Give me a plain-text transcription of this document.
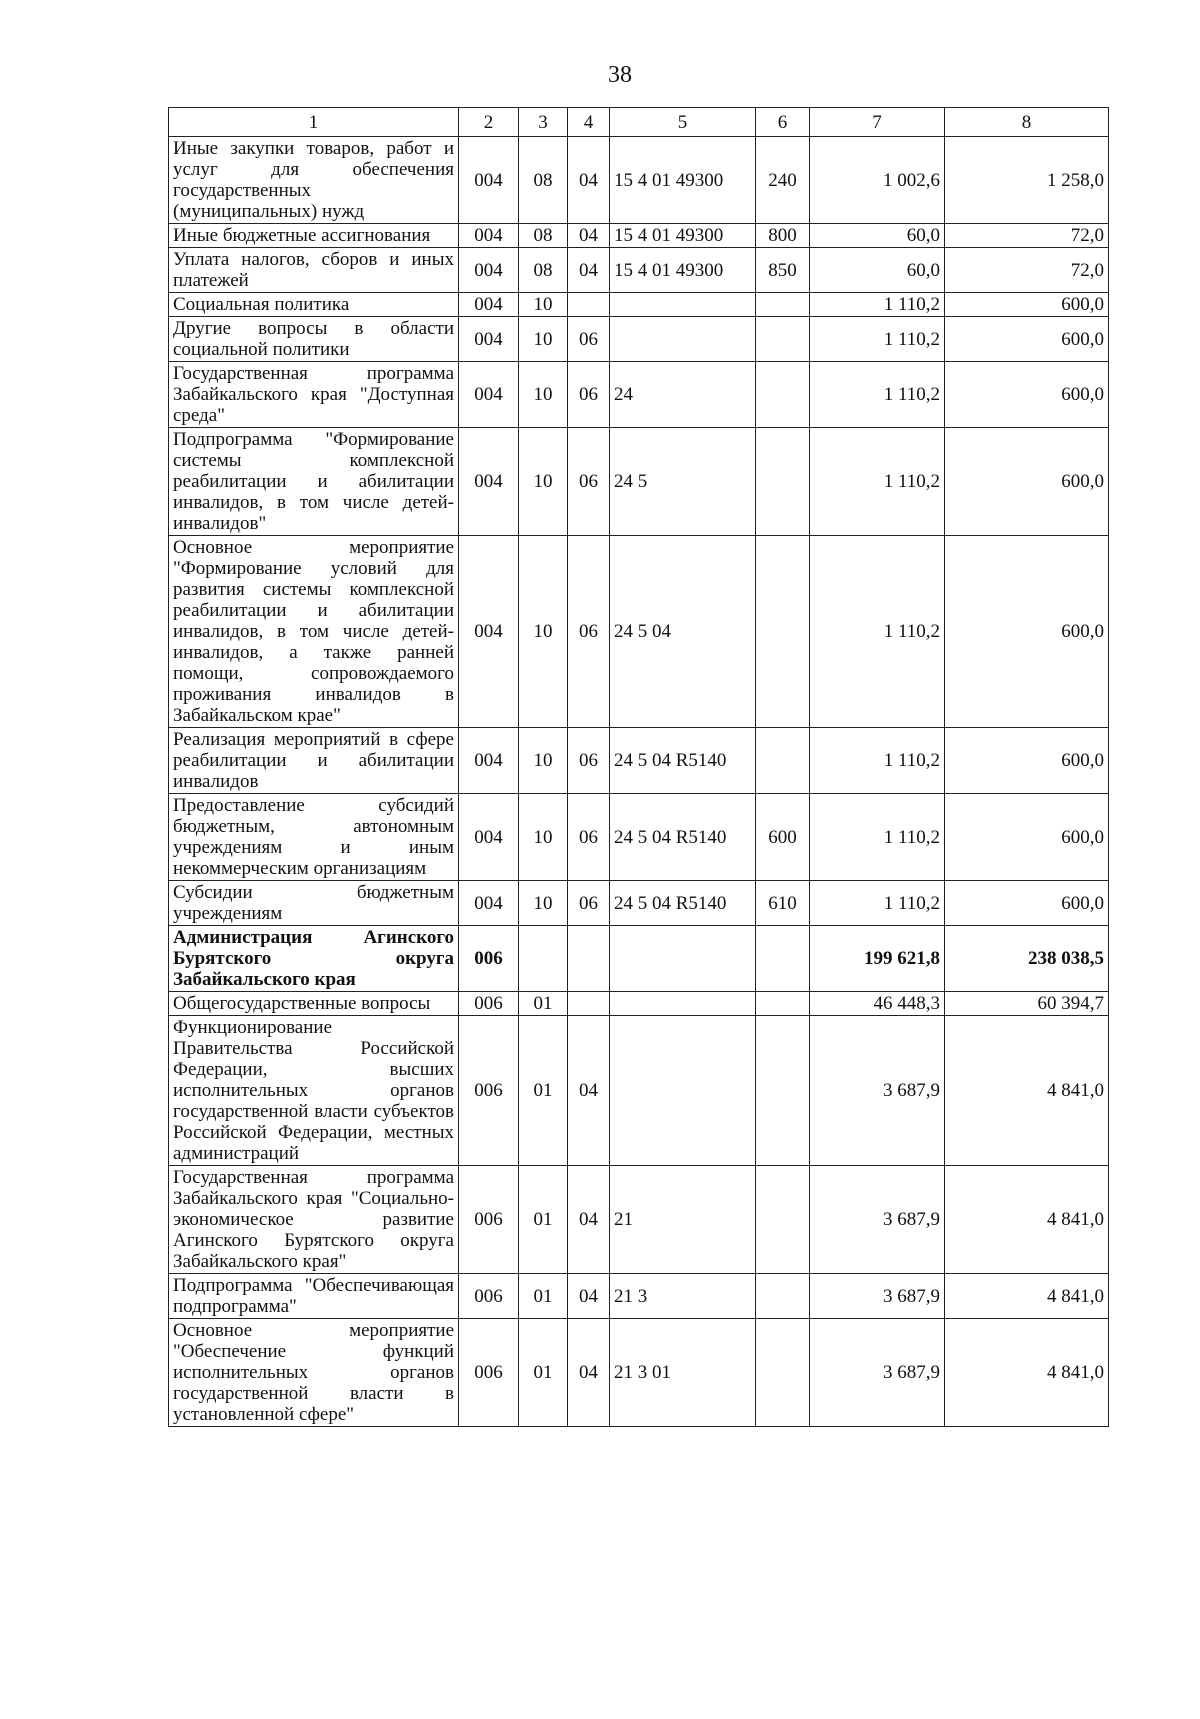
38
1	2	3	4	5	6	7	8
Иные закупки товаров, работ и услуг для обеспечения государственных (муниципальных) нужд	004	08	04	15 4 01 49300	240	1 002,6	1 258,0
Иные бюджетные ассигнования	004	08	04	15 4 01 49300	800	60,0	72,0
Уплата налогов, сборов и иных платежей	004	08	04	15 4 01 49300	850	60,0	72,0
Социальная политика	004	10				1 110,2	600,0
Другие вопросы в области социальной политики	004	10	06			1 110,2	600,0
Государственная программа Забайкальского края "Доступная среда"	004	10	06	24		1 110,2	600,0
Подпрограмма "Формирование системы комплексной реабилитации и абилитации инвалидов, в том числе детей-инвалидов"	004	10	06	24 5		1 110,2	600,0
Основное мероприятие "Формирование условий для развития системы комплексной реабилитации и абилитации инвалидов, в том числе детей-инвалидов, а также ранней помощи, сопровождаемого проживания инвалидов в Забайкальском крае"	004	10	06	24 5 04		1 110,2	600,0
Реализация мероприятий в сфере реабилитации и абилитации инвалидов	004	10	06	24 5 04 R5140		1 110,2	600,0
Предоставление субсидий бюджетным, автономным учреждениям и иным некоммерческим организациям	004	10	06	24 5 04 R5140	600	1 110,2	600,0
Субсидии бюджетным учреждениям	004	10	06	24 5 04 R5140	610	1 110,2	600,0
Администрация Агинского Бурятского округа Забайкальского края	006					199 621,8	238 038,5
Общегосударственные вопросы	006	01				46 448,3	60 394,7
Функционирование Правительства Российской Федерации, высших исполнительных органов государственной власти субъектов Российской Федерации, местных администраций	006	01	04			3 687,9	4 841,0
Государственная программа Забайкальского края "Социально-экономическое развитие Агинского Бурятского округа Забайкальского края"	006	01	04	21		3 687,9	4 841,0
Подпрограмма "Обеспечивающая подпрограмма"	006	01	04	21 3		3 687,9	4 841,0
Основное мероприятие "Обеспечение функций исполнительных органов государственной власти в установленной сфере"	006	01	04	21 3 01		3 687,9	4 841,0
